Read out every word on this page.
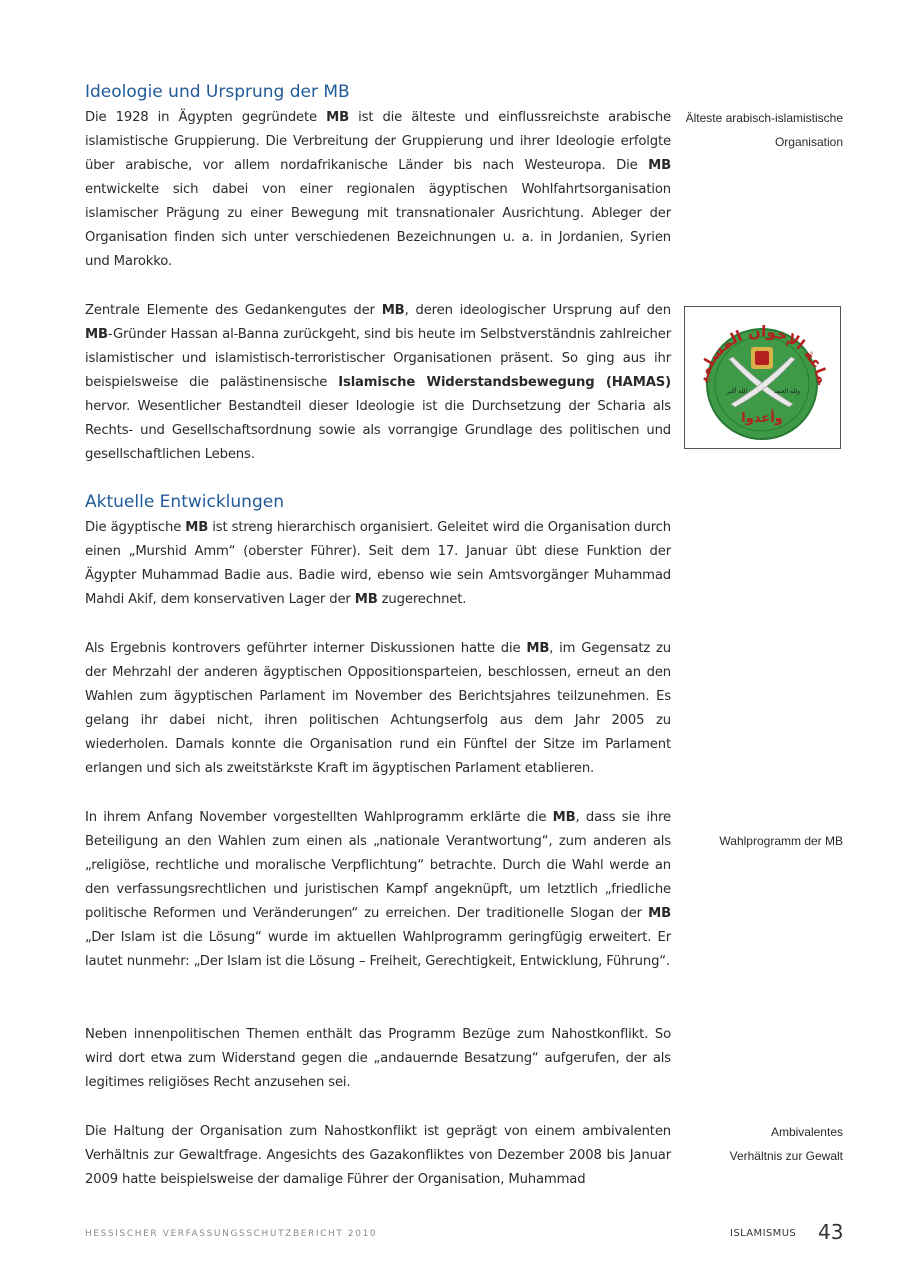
Ideologie und Ursprung der MB

Die 1928 in Ägypten gegründete MB ist die älteste und einflussreichste arabische islamistische Gruppierung. Die Verbreitung der Gruppierung und ihrer Ideologie erfolgte über arabische, vor allem nordafrikanische Länder bis nach Westeuropa. Die MB entwickelte sich dabei von einer regionalen ägyptischen Wohlfahrtsorganisation islamischer Prägung zu einer Bewegung mit transnationaler Ausrichtung. Ableger der Organisation finden sich unter verschiedenen Bezeichnungen u. a. in Jordanien, Syrien und Marokko.

Zentrale Elemente des Gedankengutes der MB, deren ideologischer Ursprung auf den MB-Gründer Hassan al-Banna zurückgeht, sind bis heute im Selbstverständnis zahlreicher islamistischer und islamistisch-terroristischer Organisationen präsent. So ging aus ihr beispielsweise die palästinensische Islamische Widerstandsbewegung (HAMAS) hervor. Wesentlicher Bestandteil dieser Ideologie ist die Durchsetzung der Scharia als Rechts- und Gesellschaftsordnung sowie als vorrangige Grundlage des politischen und gesellschaftlichen Lebens.

Aktuelle Entwicklungen

Die ägyptische MB ist streng hierarchisch organisiert. Geleitet wird die Organisation durch einen „Murshid Amm“ (oberster Führer). Seit dem 17. Januar übt diese Funktion der Ägypter Muhammad Badie aus. Badie wird, ebenso wie sein Amtsvorgänger Muhammad Mahdi Akif, dem konservativen Lager der MB zugerechnet.

Als Ergebnis kontrovers geführter interner Diskussionen hatte die MB, im Gegensatz zu der Mehrzahl der anderen ägyptischen Oppositionsparteien, beschlossen, erneut an den Wahlen zum ägyptischen Parlament im November des Berichtsjahres teilzunehmen. Es gelang ihr dabei nicht, ihren politischen Achtungserfolg aus dem Jahr 2005 zu wiederholen. Damals konnte die Organisation rund ein Fünftel der Sitze im Parlament erlangen und sich als zweitstärkste Kraft im ägyptischen Parlament etablieren.

In ihrem Anfang November vorgestellten Wahlprogramm erklärte die MB, dass sie ihre Beteiligung an den Wahlen zum einen als „nationale Verantwortung“, zum anderen als „religiöse, rechtliche und moralische Verpflichtung“ betrachte. Durch die Wahl werde an den verfassungsrechtlichen und juristischen Kampf angeknüpft, um letztlich „friedliche politische Reformen und Veränderungen“ zu erreichen. Der traditionelle Slogan der MB „Der Islam ist die Lösung“ wurde im aktuellen Wahlprogramm geringfügig erweitert. Er lautet nunmehr: „Der Islam ist die Lösung – Freiheit, Gerechtigkeit, Entwicklung, Führung“.

Neben innenpolitischen Themen enthält das Programm Bezüge zum Nahostkonflikt. So wird dort etwa zum Widerstand gegen die „andauernde Besatzung“ aufgerufen, der als legitimes religiöses Recht anzusehen sei.

Die Haltung der Organisation zum Nahostkonflikt ist geprägt von einem ambivalenten Verhältnis zur Gewaltfrage. Angesichts des Gazakonfliktes von Dezember 2008 bis Januar 2009 hatte beispielsweise der damalige Führer der Organisation, Muhammad

Älteste arabisch-islamistische
Organisation
Wahlprogramm der MB
Ambivalentes
Verhältnis zur Gewalt
ماعة الإخوان المسلمي
الله أكبر	ولله الحمد
وأعدوا
HESSISCHER VERFASSUNGSSCHUTZBERICHT 2010	ISLAMISMUS 43
